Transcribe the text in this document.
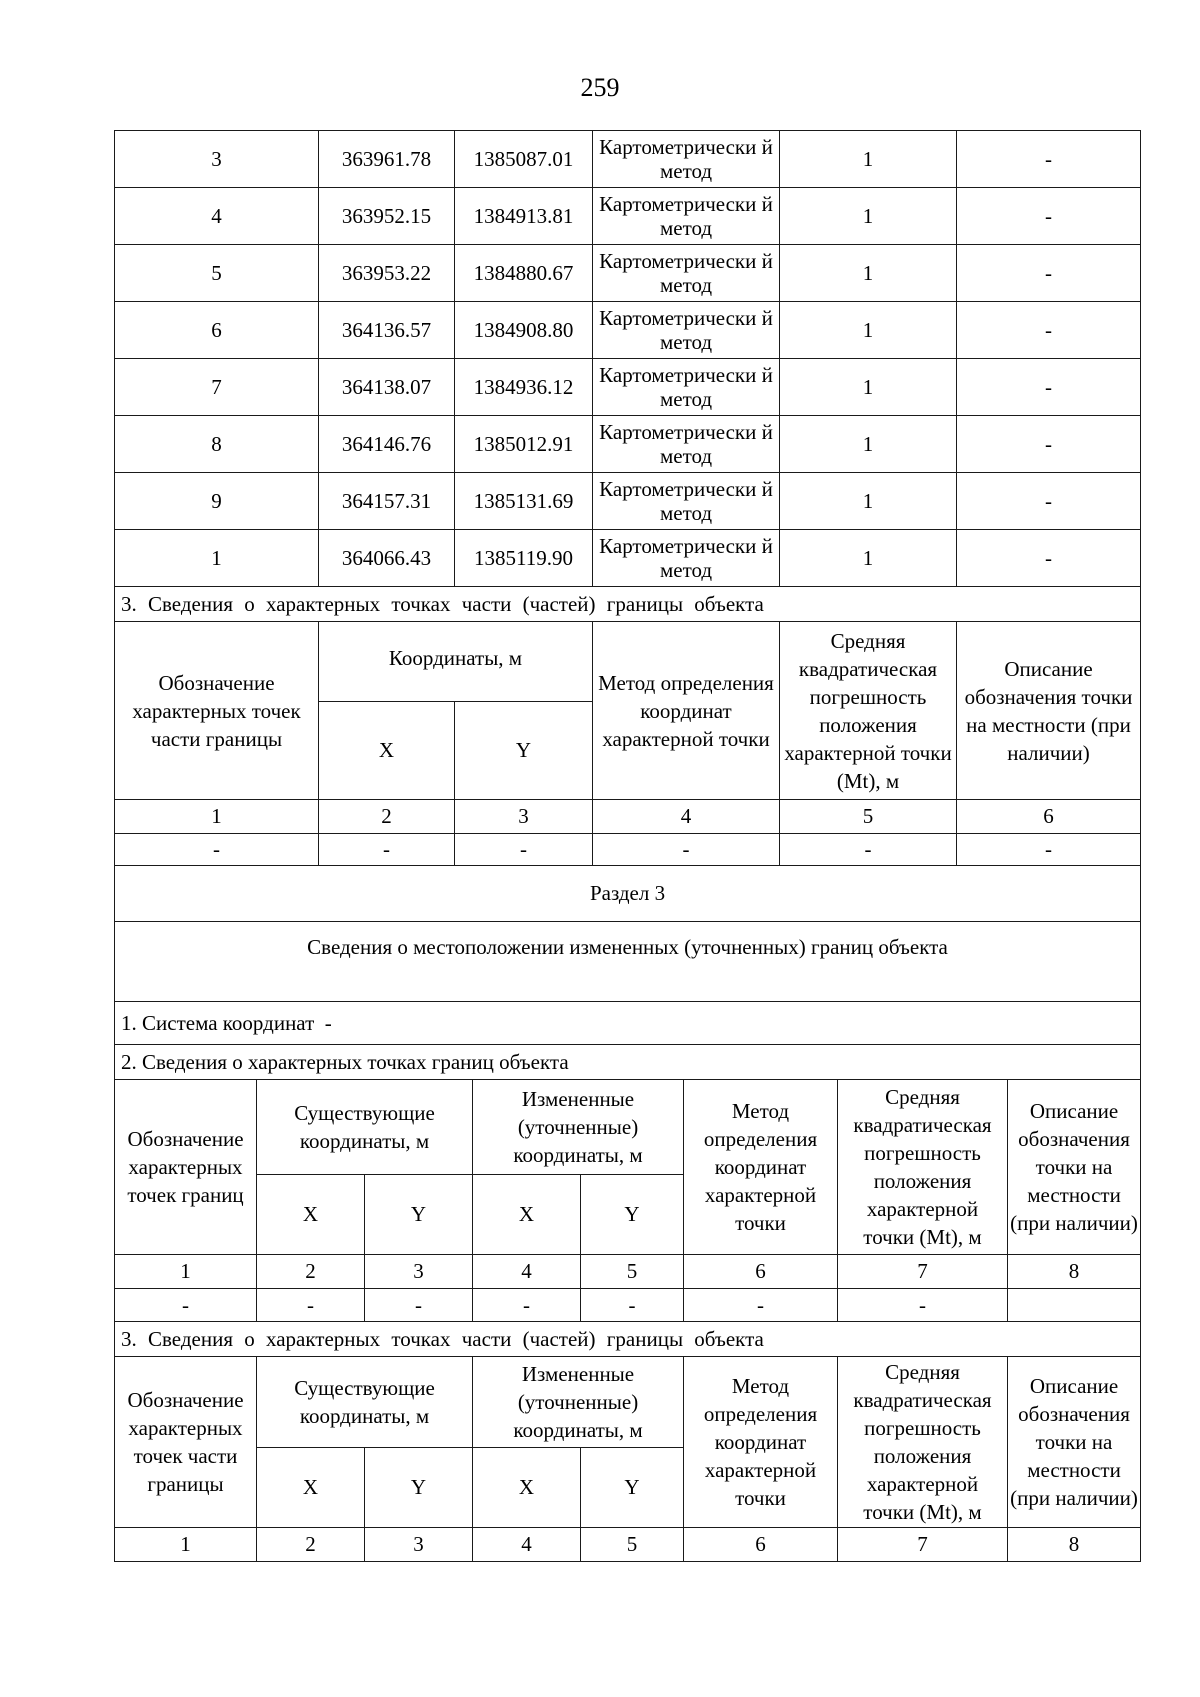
259
3	363961.78	1385087.01	Картометрически й метод	1	-
4	363952.15	1384913.81	Картометрически й метод	1	-
5	363953.22	1384880.67	Картометрически й метод	1	-
6	364136.57	1384908.80	Картометрически й метод	1	-
7	364138.07	1384936.12	Картометрически й метод	1	-
8	364146.76	1385012.91	Картометрически й метод	1	-
9	364157.31	1385131.69	Картометрически й метод	1	-
1	364066.43	1385119.90	Картометрически й метод	1	-
3. Сведения о характерных точках части (частей) границы объекта					
Обозначение характерных точек части границы	Координаты, м		Метод определения координат характерной точки	Средняя квадратическая погрешность положения характерной точки (Mt), м	Описание обозначения точки на местности (при наличии)
	X	Y			
1	2	3	4	5	6
-	-	-	-	-	-
Раздел 3							
Сведения о местоположении измененных (уточненных) границ объекта							
1. Система координат  -							
2. Сведения о характерных точках границ объекта							
Обозначение характерных точек границ	Существующие координаты, м		Измененные (уточненные) координаты, м		Метод определения координат характерной точки	Средняя квадратическая погрешность положения характерной точки (Mt), м	Описание обозначения точки на местности (при наличии)
	X	Y	X	Y			
1	2	3	4	5	6	7	8
-	-	-	-	-	-	-	
3. Сведения о характерных точках части (частей) границы объекта							
Обозначение характерных точек части границы	Существующие координаты, м		Измененные (уточненные) координаты, м		Метод определения координат характерной точки	Средняя квадратическая погрешность положения характерной точки (Mt), м	Описание обозначения точки на местности (при наличии)
	X	Y	X	Y			
1	2	3	4	5	6	7	8
